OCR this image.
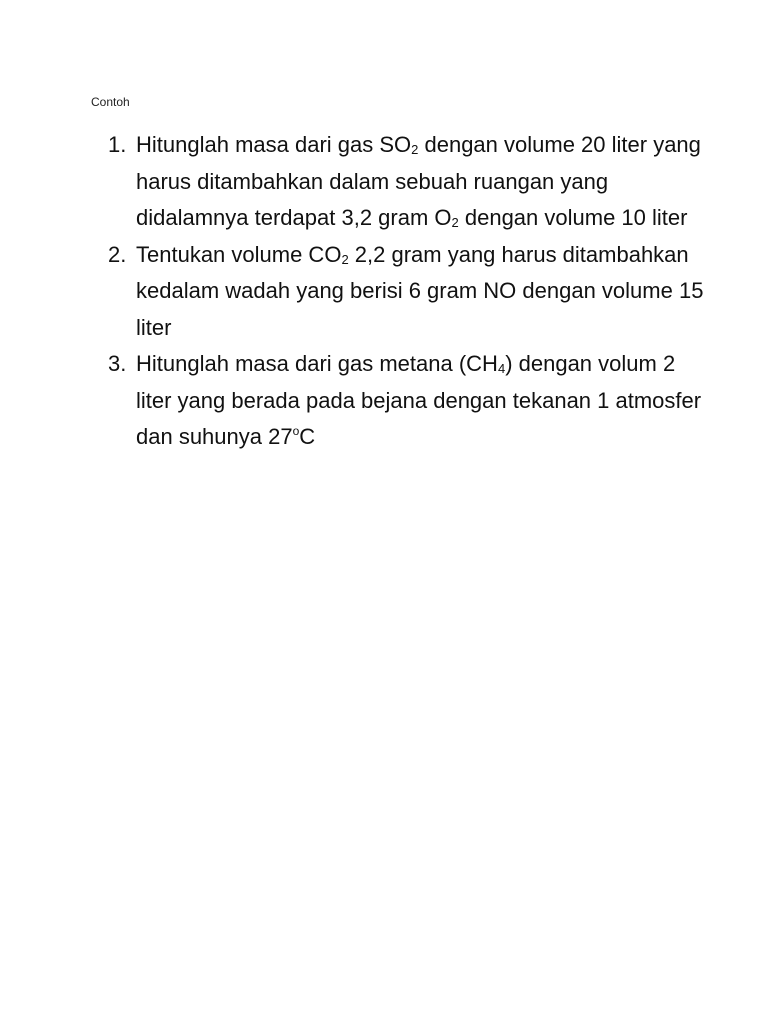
Contoh
1. Hitunglah masa dari gas $SO_2$ dengan volume 20 liter yang harus ditambahkan dalam sebuah ruangan yang didalamnya terdapat 3,2 gram $O_2$ dengan volume 10 liter
2. Tentukan volume $CO_2$ 2,2 gram yang harus ditambahkan kedalam wadah yang berisi 6 gram NO dengan volume 15 liter
3. Hitunglah masa dari gas metana $(CH_4)$ dengan volum 2 liter yang berada pada bejana dengan tekanan 1 atmosfer dan suhunya 27$^o$C
